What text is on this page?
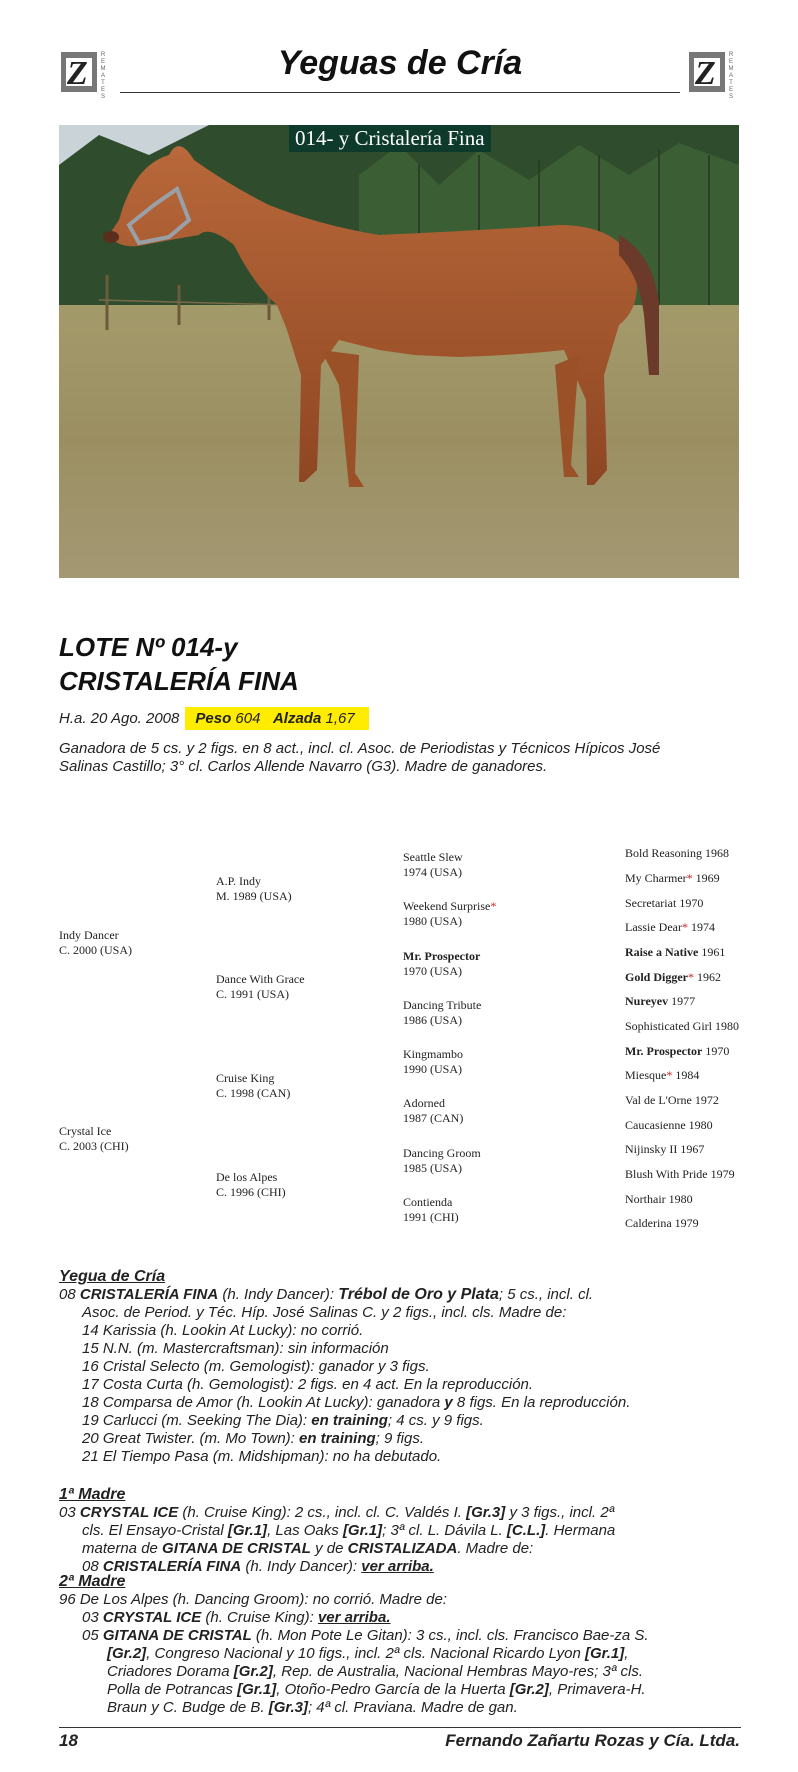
Z REMATES
Yeguas de Cría	Z REMATES
014- y Cristalería Fina
LOTE Nº 014-y
CRISTALERÍA FINA
H.a. 20 Ago. 2008 Peso 604 Alzada 1,67
Ganadora de 5 cs. y 2 figs. en 8 act., incl. cl. Asoc. de Periodistas y Técnicos Hípicos José Salinas Castillo; 3° cl. Carlos Allende Navarro (G3). Madre de ganadores.
Indy Dancer
C. 2000 (USA)
Crystal Ice
C. 2003 (CHI)
A.P. Indy
M. 1989 (USA)
Dance With Grace
C. 1991 (USA)
Cruise King
C. 1998 (CAN)
De los Alpes
C. 1996 (CHI)
Seattle Slew
1974 (USA)
Weekend Surprise*
1980 (USA)
Mr. Prospector
1970 (USA)
Dancing Tribute
1986 (USA)
Kingmambo
1990 (USA)
Adorned
1987 (CAN)
Dancing Groom
1985 (USA)
Contienda
1991 (CHI)
Bold Reasoning 1968
My Charmer* 1969
Secretariat 1970
Lassie Dear* 1974
Raise a Native 1961
Gold Digger* 1962
Nureyev 1977
Sophisticated Girl 1980
Mr. Prospector 1970
Miesque* 1984
Val de L'Orne 1972
Caucasienne 1980
Nijinsky II 1967
Blush With Pride 1979
Northair 1980
Calderina 1979
Yegua de Cría
08 CRISTALERÍA FINA (h. Indy Dancer): Trébol de Oro y Plata; 5 cs., incl. cl.
Asoc. de Period. y Téc. Híp. José Salinas C. y 2 figs., incl. cls. Madre de:
14 Karissia (h. Lookin At Lucky): no corrió.
15 N.N. (m. Mastercraftsman): sin información
16 Cristal Selecto (m. Gemologist): ganador y 3 figs.
17 Costa Curta (h. Gemologist): 2 figs. en 4 act. En la reproducción.
18 Comparsa de Amor (h. Lookin At Lucky): ganadora y 8 figs. En la reproducción.
19 Carlucci (m. Seeking The Dia): en training; 4 cs. y 9 figs.
20 Great Twister. (m. Mo Town): en training; 9 figs.
21 El Tiempo Pasa (m. Midshipman): no ha debutado.
1ª Madre
03 CRYSTAL ICE (h. Cruise King): 2 cs., incl. cl. C. Valdés I. [Gr.3] y 3 figs., incl. 2ª
cls. El Ensayo-Cristal [Gr.1], Las Oaks [Gr.1]; 3ª cl. L. Dávila L. [C.L.]. Hermana
materna de GITANA DE CRISTAL y de CRISTALIZADA. Madre de:
08 CRISTALERÍA FINA (h. Indy Dancer): ver arriba.
2ª Madre
96 De Los Alpes (h. Dancing Groom): no corrió. Madre de:
03 CRYSTAL ICE (h. Cruise King): ver arriba.
05 GITANA DE CRISTAL (h. Mon Pote Le Gitan): 3 cs., incl. cls. Francisco Bae-za S. [Gr.2], Congreso Nacional y 10 figs., incl. 2ª cls. Nacional Ricardo Lyon [Gr.1], Criadores Dorama [Gr.2], Rep. de Australia, Nacional Hembras Mayo-res; 3ª cls. Polla de Potrancas [Gr.1], Otoño-Pedro García de la Huerta [Gr.2], Primavera-H. Braun y C. Budge de B. [Gr.3]; 4ª cl. Praviana. Madre de gan.
18	Fernando Zañartu Rozas y Cía. Ltda.
